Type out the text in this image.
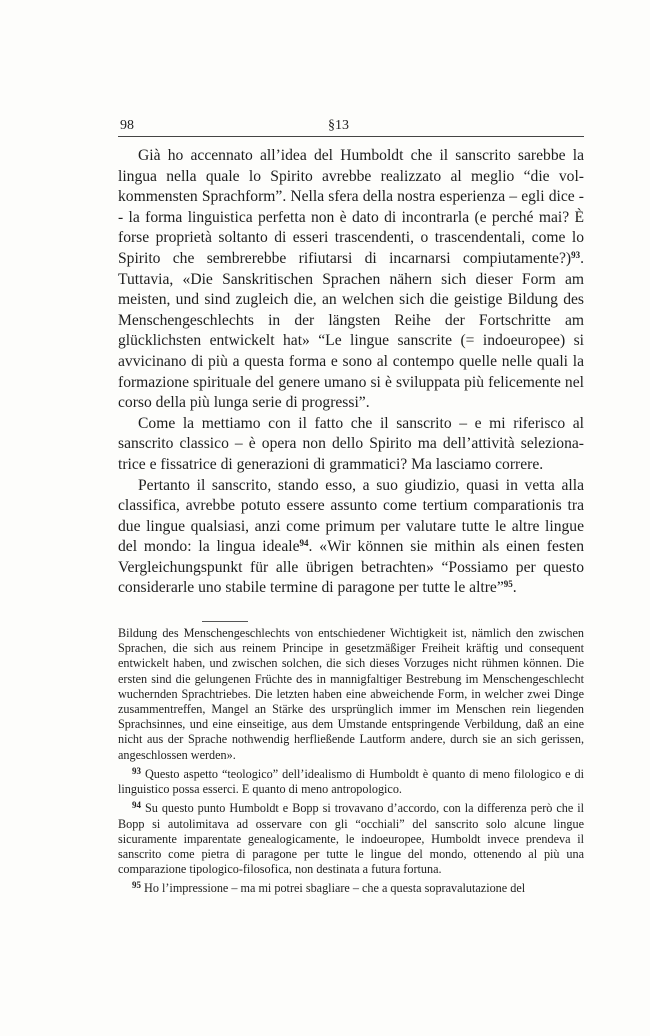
98	§13

Già ho accennato all’idea del Humboldt che il sanscrito sarebbe la lingua nella quale lo Spirito avrebbe realizzato al meglio “die volkommensten Sprachform”. Nella sfera della nostra esperienza – egli dice -- la forma linguistica perfetta non è dato di incontrarla (e perché mai? È forse proprietà soltanto di esseri trascendenti, o trascendentali, come lo Spirito che sembrerebbe rifiutarsi di incarnarsi compiutamente?)$^{93}$. Tuttavia, «Die Sanskritischen Sprachen nähern sich dieser Form am meisten, und sind zugleich die, an welchen sich die geistige Bildung des Menschengeschlechts in der längsten Reihe der Fortschritte am glücklichsten entwickelt hat» “Le lingue sanscrite (= indoeuropee) si avvicinano di più a questa forma e sono al contempo quelle nelle quali la formazione spirituale del genere umano si è sviluppata più felicemente nel corso della più lunga serie di progressi”.

Come la mettiamo con il fatto che il sanscrito – e mi riferisco al sanscrito classico – è opera non dello Spirito ma dell’attività selezionatrice e fissatrice di generazioni di grammatici? Ma lasciamo correre.

Pertanto il sanscrito, stando esso, a suo giudizio, quasi in vetta alla classifica, avrebbe potuto essere assunto come tertium comparationis tra due lingue qualsiasi, anzi come primum per valutare tutte le altre lingue del mondo: la lingua ideale$^{94}$. «Wir können sie mithin als einen festen Vergleichungspunkt für alle übrigen betrachten» “Possiamo per questo considerarle uno stabile termine di paragone per tutte le altre”$^{95}$.

Bildung des Menschengeschlechts von entschiedener Wichtigkeit ist, nämlich den zwischen Sprachen, die sich aus reinem Principe in gesetzmäßiger Freiheit kräftig und consequent entwickelt haben, und zwischen solchen, die sich dieses Vorzuges nicht rühmen können. Die ersten sind die gelungenen Früchte des in mannigfaltiger Bestrebung im Menschengeschlecht wuchernden Sprachtriebes. Die letzten haben eine abweichende Form, in welcher zwei Dinge zusammentreffen, Mangel an Stärke des ursprünglich immer im Menschen rein liegenden Sprachsinnes, und eine einseitige, aus dem Umstande entspringende Verbildung, daß an eine nicht aus der Sprache nothwendig herfließende Lautform andere, durch sie an sich gerissen, angeschlossen werden».

$^{93}$ Questo aspetto “teologico” dell’idealismo di Humboldt è quanto di meno filologico e di linguistico possa esserci. E quanto di meno antropologico.

$^{94}$ Su questo punto Humboldt e Bopp si trovavano d’accordo, con la differenza però che il Bopp si autolimitava ad osservare con gli “occhiali” del sanscrito solo alcune lingue sicuramente imparentate genealogicamente, le indoeuropee, Humboldt invece prendeva il sanscrito come pietra di paragone per tutte le lingue del mondo, ottenendo al più una comparazione tipologico-filosofica, non destinata a futura fortuna.

$^{95}$ Ho l’impressione – ma mi potrei sbagliare – che a questa sopravalutazione del
